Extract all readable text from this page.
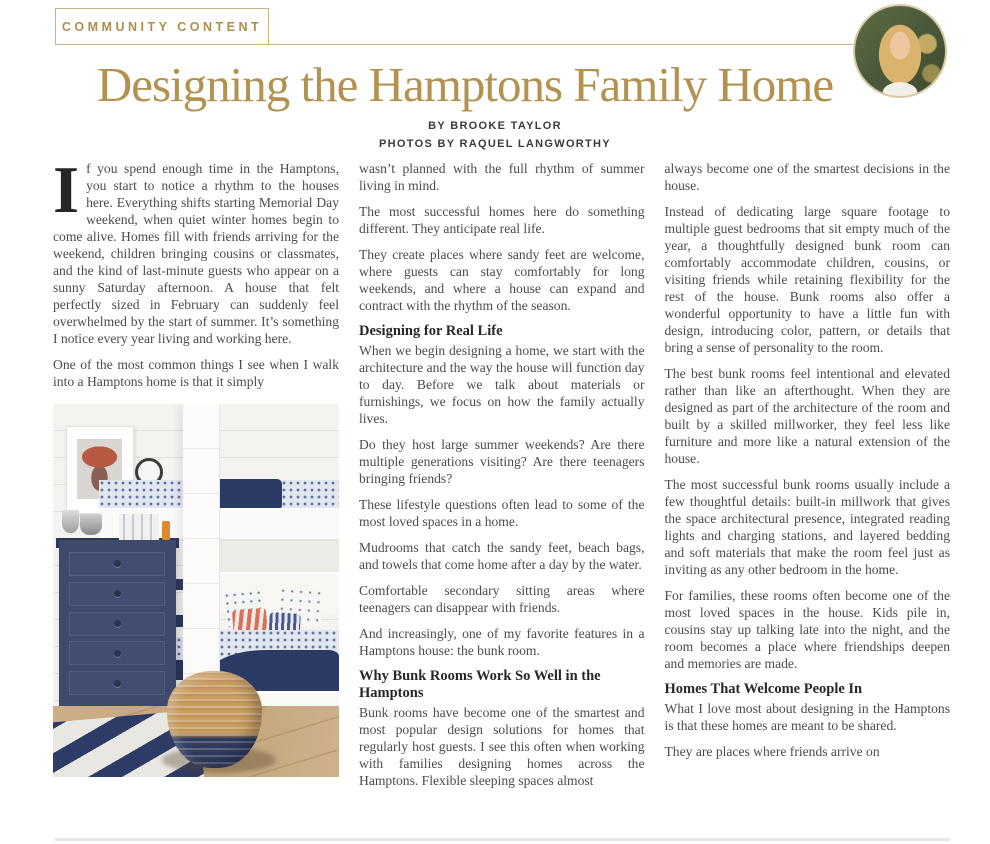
COMMUNITY CONTENT
Designing the Hamptons Family Home
BY BROOKE TAYLOR
PHOTOS BY RAQUEL LANGWORTHY

If you spend enough time in the Hamptons, you start to notice a rhythm to the houses here. Everything shifts starting Memorial Day weekend, when quiet winter homes begin to come alive. Homes fill with friends arriving for the weekend, children bringing cousins or classmates, and the kind of last-minute guests who appear on a sunny Saturday afternoon. A house that felt perfectly sized in February can suddenly feel overwhelmed by the start of summer. It’s something I notice every year living and working here.

One of the most common things I see when I walk into a Hamptons home is that it simply

wasn’t planned with the full rhythm of summer living in mind.

The most successful homes here do something different. They anticipate real life.

They create places where sandy feet are welcome, where guests can stay comfortably for long weekends, and where a house can expand and contract with the rhythm of the season.

Designing for Real Life

When we begin designing a home, we start with the architecture and the way the house will function day to day. Before we talk about materials or furnishings, we focus on how the family actually lives.

Do they host large summer weekends? Are there multiple generations visiting? Are there teenagers bringing friends?

These lifestyle questions often lead to some of the most loved spaces in a home.

Mudrooms that catch the sandy feet, beach bags, and towels that come home after a day by the water.

Comfortable secondary sitting areas where teenagers can disappear with friends.

And increasingly, one of my favorite features in a Hamptons house: the bunk room.

Why Bunk Rooms Work So Well in the Hamptons

Bunk rooms have become one of the smartest and most popular design solutions for homes that regularly host guests. I see this often when working with families designing homes across the Hamptons. Flexible sleeping spaces almost

always become one of the smartest decisions in the house.

Instead of dedicating large square footage to multiple guest bedrooms that sit empty much of the year, a thoughtfully designed bunk room can comfortably accommodate children, cousins, or visiting friends while retaining flexibility for the rest of the house. Bunk rooms also offer a wonderful opportunity to have a little fun with design, introducing color, pattern, or details that bring a sense of personality to the room.

The best bunk rooms feel intentional and elevated rather than like an afterthought. When they are designed as part of the architecture of the room and built by a skilled millworker, they feel less like furniture and more like a natural extension of the house.

The most successful bunk rooms usually include a few thoughtful details: built-in millwork that gives the space architectural presence, integrated reading lights and charging stations, and layered bedding and soft materials that make the room feel just as inviting as any other bedroom in the home.

For families, these rooms often become one of the most loved spaces in the house. Kids pile in, cousins stay up talking late into the night, and the room becomes a place where friendships deepen and memories are made.

Homes That Welcome People In

What I love most about designing in the Hamptons is that these homes are meant to be shared.

They are places where friends arrive on
